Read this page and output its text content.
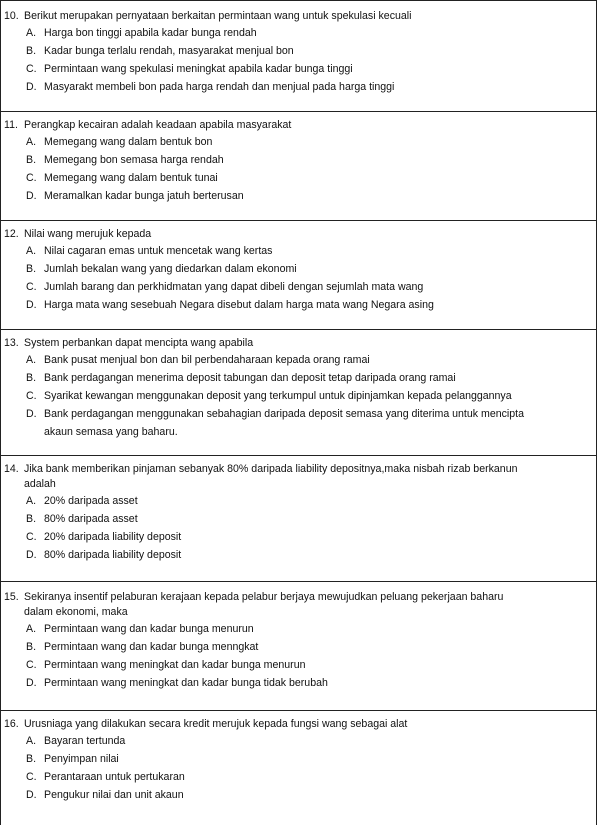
10. Berikut merupakan pernyataan berkaitan permintaan wang untuk spekulasi kecuali
A. Harga bon tinggi apabila kadar bunga rendah
B. Kadar bunga terlalu rendah, masyarakat menjual bon
C. Permintaan wang spekulasi meningkat apabila kadar bunga tinggi
D. Masyarakt membeli bon pada harga rendah dan menjual pada harga tinggi
11. Perangkap kecairan adalah keadaan apabila masyarakat
A. Memegang wang dalam bentuk bon
B. Memegang bon semasa harga rendah
C. Memegang wang dalam bentuk tunai
D. Meramalkan kadar bunga jatuh berterusan
12. Nilai wang merujuk kepada
A. Nilai cagaran emas untuk mencetak wang kertas
B. Jumlah bekalan wang yang diedarkan dalam ekonomi
C. Jumlah barang dan perkhidmatan yang dapat dibeli dengan sejumlah mata wang
D. Harga mata wang sesebuah Negara disebut dalam harga mata wang Negara asing
13. System perbankan dapat mencipta wang apabila
A. Bank pusat menjual bon dan bil perbendaharaan kepada orang ramai
B. Bank perdagangan menerima deposit tabungan dan deposit tetap daripada orang ramai
C. Syarikat kewangan menggunakan deposit yang terkumpul untuk dipinjamkan kepada pelanggannya
D. Bank perdagangan menggunakan sebahagian daripada deposit semasa yang diterima untuk mencipta
akaun semasa yang baharu.
14. Jika bank memberikan pinjaman sebanyak 80% daripada liability depositnya,maka nisbah rizab berkanun
adalah
A. 20% daripada asset
B. 80% daripada asset
C. 20% daripada liability deposit
D. 80% daripada liability deposit
15. Sekiranya insentif pelaburan kerajaan kepada pelabur berjaya mewujudkan peluang pekerjaan baharu
dalam ekonomi, maka
A. Permintaan wang dan kadar bunga menurun
B. Permintaan wang dan kadar bunga menngkat
C. Permintaan wang meningkat dan kadar bunga menurun
D. Permintaan wang meningkat dan kadar bunga tidak berubah
16. Urusniaga yang dilakukan secara kredit merujuk kepada fungsi wang sebagai alat
A. Bayaran tertunda
B. Penyimpan nilai
C. Perantaraan untuk pertukaran
D. Pengukur nilai dan unit akaun
